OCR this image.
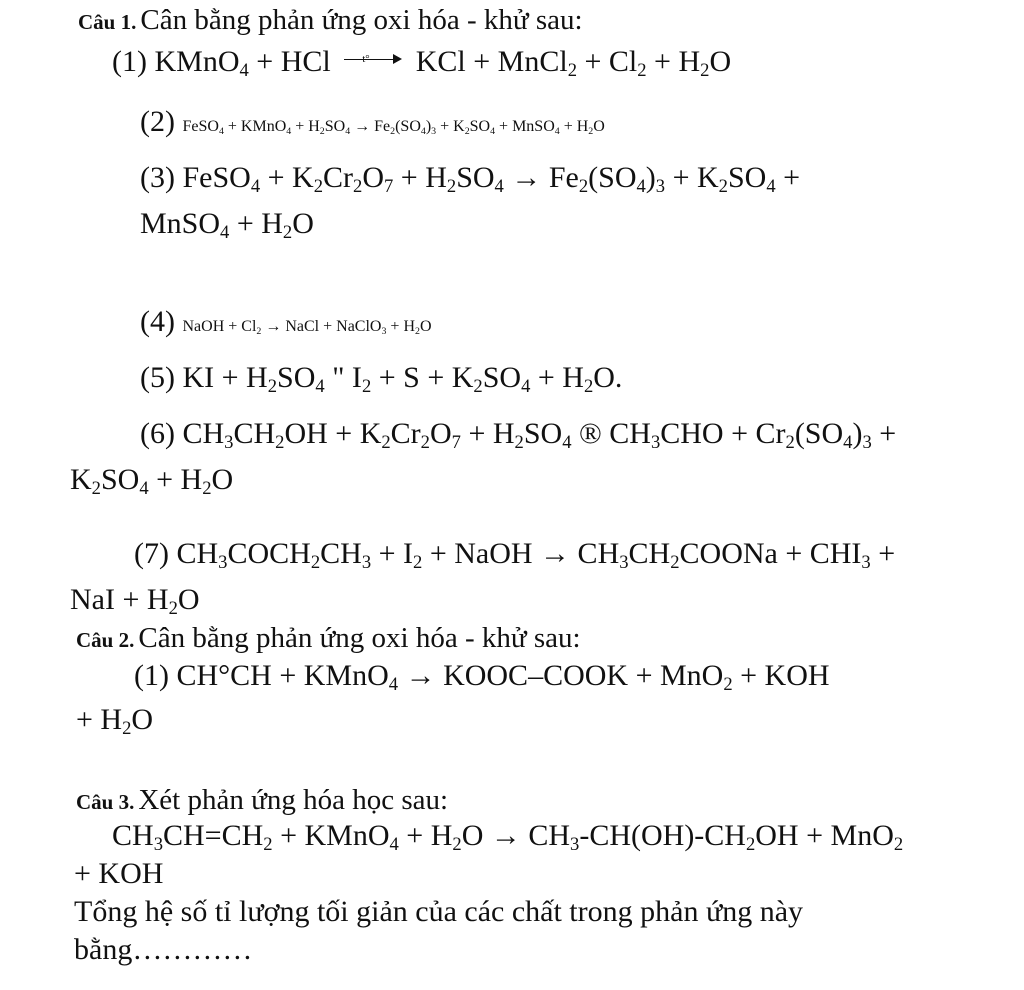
Câu 1. Cân bằng phản ứng oxi hóa - khử sau:
(1) KMnO$_4$ + HCl	t° KCl + MnCl$_2$ + $Cl_2 + H_2O$
(2) FeSO$_4$ + KMnO$_4$ + $H_2SO_4 \to Fe_2(SO_4)_3 + K_2SO_4$ + MnSO$_4$ + $H_2O$
(3) FeSO$_4$ + $K_2Cr_2O_7 + H_2SO_4 \to Fe_2(SO_4)_3 + K_2SO_4$ +
MnSO$_4$ + $H_2O$
(4) NaOH + $Cl_2$ → NaCl + NaClO$_3$ + $H_2O$
(5) KI + $H_2SO_4$ " $I_2 + S + K_2SO_4 + H_2O$.
(6) $CH_3CH_2OH + K_2Cr_2O_7 + H_2SO_4$ ® $CH_3CHO + Cr_2(SO_4)_3$ +
$K_2SO_4 + H_2O$
(7) $CH_3COCH_2CH_3 + I_2$ + NaOH → $CH_3CH_2COONa + CHI_3$ +
NaI + $H_2O$
Câu 2. Cân bằng phản ứng oxi hóa - khử sau:
(1) CH°CH + KMnO$_4$ → KOOC–COOK + MnO$_2$ + KOH
+ $H_2O$
Câu 3. Xét phản ứng hóa học sau:
$CH_3CH=CH_2$ + KMnO$_4$ + $H_2O \to CH_3-CH(OH)-CH_2OH + MnO_2$
+ KOH
Tổng hệ số tỉ lượng tối giản của các chất trong phản ứng này
bằng…………
